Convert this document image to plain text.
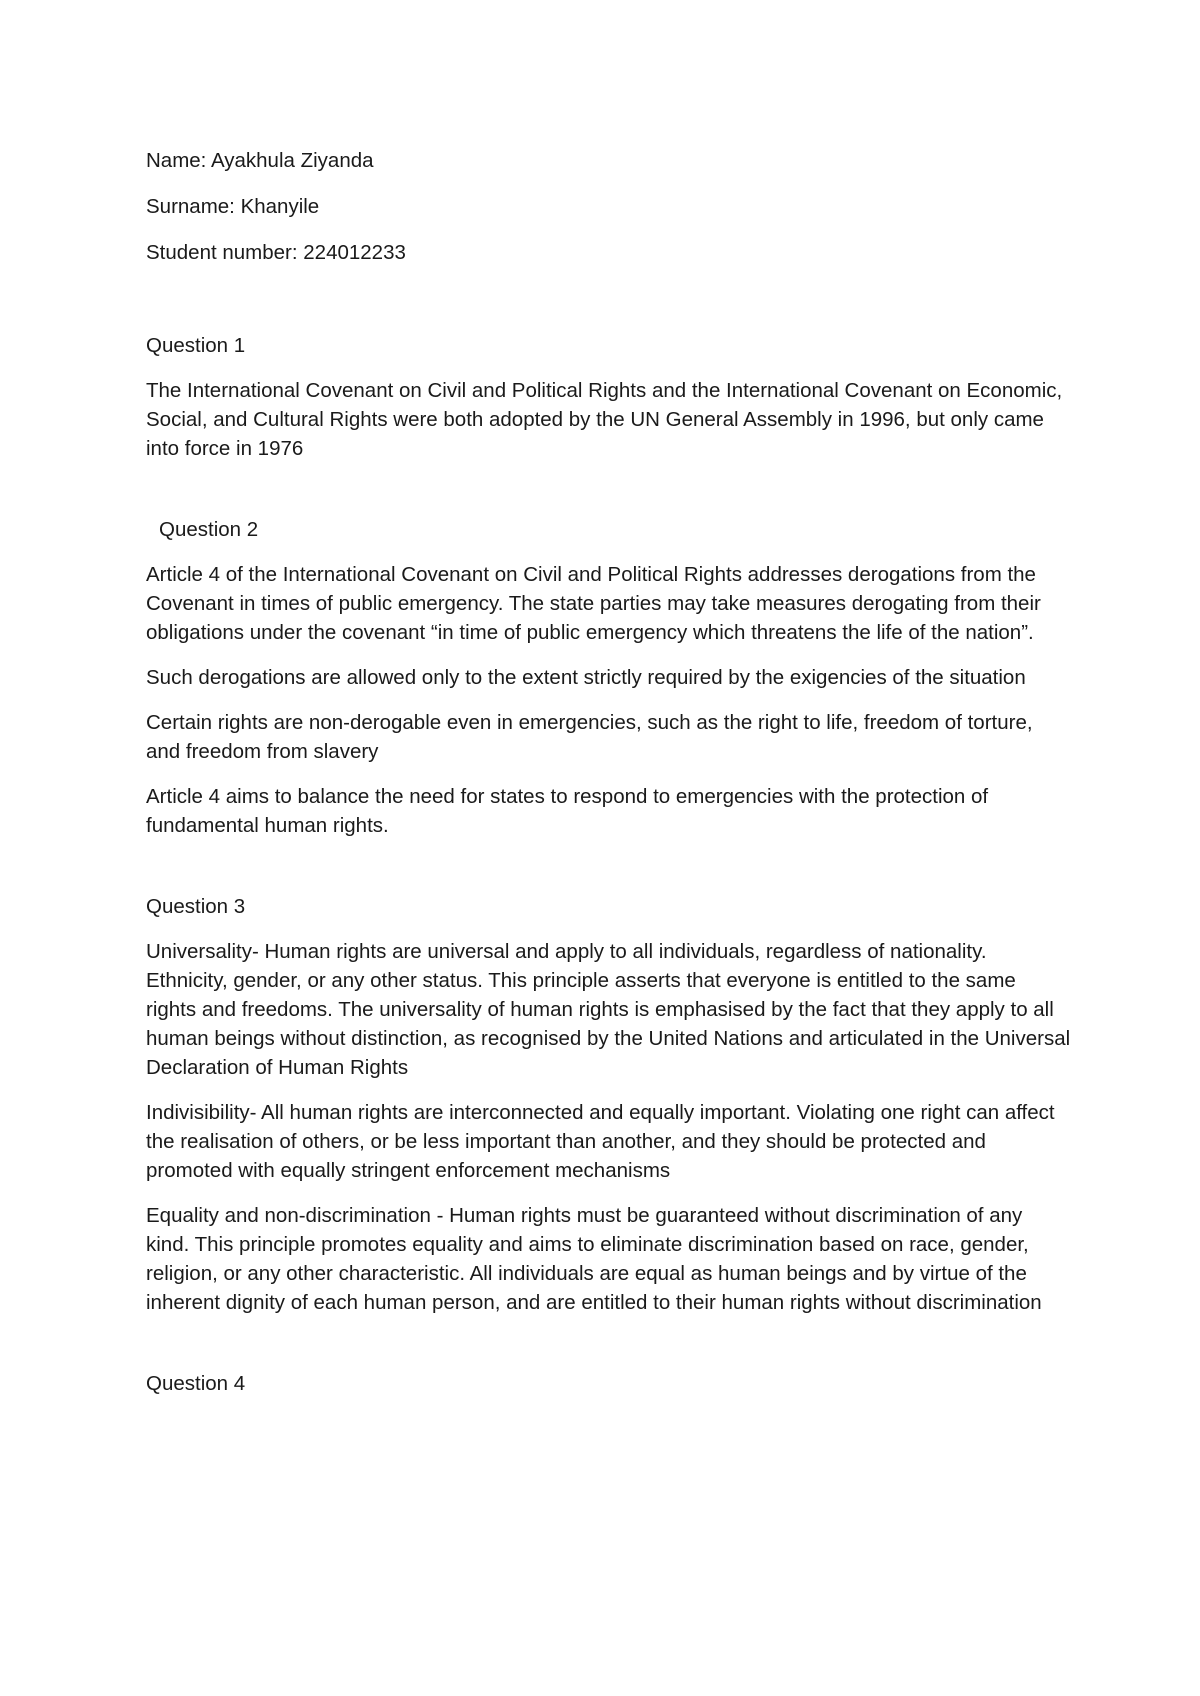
Name: Ayakhula Ziyanda

Surname: Khanyile

Student number: 224012233

Question 1

The International Covenant on Civil and Political Rights and the International Covenant on Economic, Social, and Cultural Rights were both adopted by the UN General Assembly in 1996, but only came into force in 1976

Question 2

Article 4 of the International Covenant on Civil and Political Rights addresses derogations from the Covenant in times of public emergency. The state parties may take measures derogating from their obligations under the covenant “in time of public emergency which threatens the life of the nation”.

Such derogations are allowed only to the extent strictly required by the exigencies of the situation

Certain rights are non-derogable even in emergencies, such as the right to life, freedom of torture, and freedom from slavery

Article 4 aims to balance the need for states to respond to emergencies with the protection of fundamental human rights.

Question 3

Universality- Human rights are universal and apply to all individuals, regardless of nationality. Ethnicity, gender, or any other status. This principle asserts that everyone is entitled to the same rights and freedoms. The universality of human rights is emphasised by the fact that they apply to all human beings without distinction, as recognised by the United Nations and articulated in the Universal Declaration of Human Rights

Indivisibility- All human rights are interconnected and equally important. Violating one right can affect the realisation of others, or be less important than another, and they should be protected and promoted with equally stringent enforcement mechanisms

Equality and non-discrimination - Human rights must be guaranteed without discrimination of any kind. This principle promotes equality and aims to eliminate discrimination based on race, gender, religion, or any other characteristic. All individuals are equal as human beings and by virtue of the inherent dignity of each human person, and are entitled to their human rights without discrimination

Question 4
